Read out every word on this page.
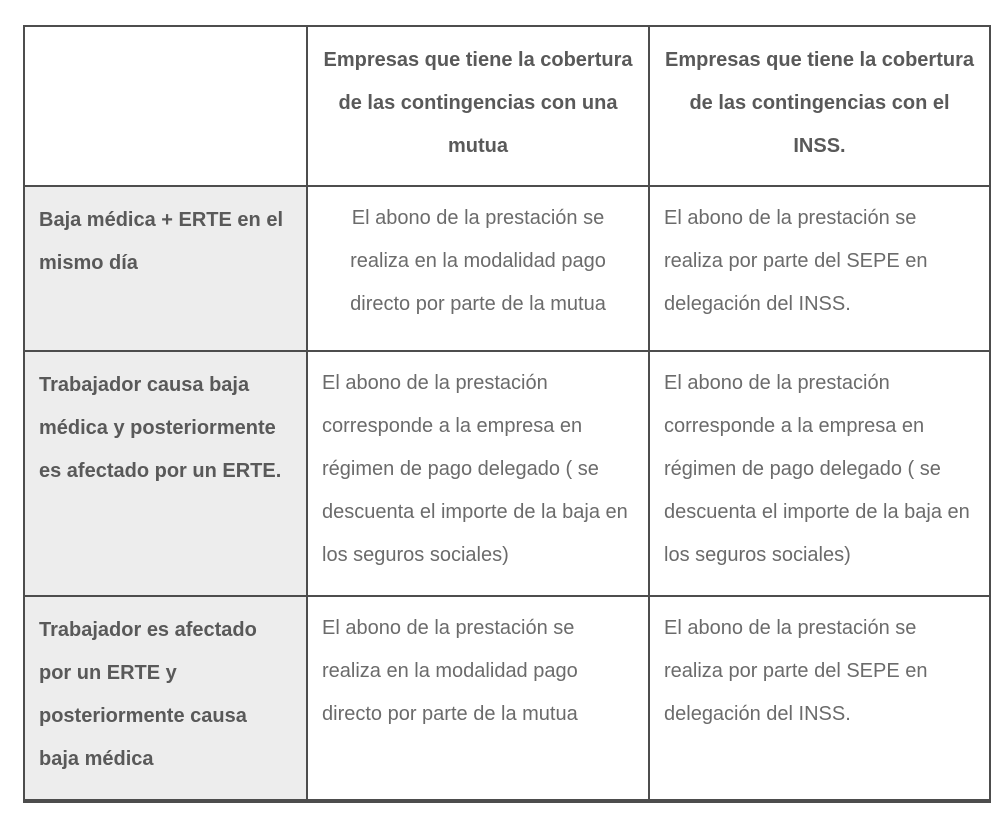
	Empresas que tiene la cobertura de las contingencias con una mutua	Empresas que tiene la cobertura de las contingencias con el INSS.
Baja médica + ERTE en el mismo día	El abono de la prestación se realiza en la modalidad pago directo por parte de la mutua	El abono de la prestación se realiza por parte del SEPE en delegación del INSS.
Trabajador causa baja médica y posteriormente es afectado por un ERTE.	El abono de la prestación corresponde a la empresa en régimen de pago delegado ( se descuenta el importe de la baja en los seguros sociales)	El abono de la prestación corresponde a la empresa en régimen de pago delegado ( se descuenta el importe de la baja en los seguros sociales)
Trabajador es afectado por un ERTE y posteriormente causa baja médica	El abono de la prestación se realiza en la modalidad pago directo por parte de la mutua	El abono de la prestación se realiza por parte del SEPE en delegación del INSS.
